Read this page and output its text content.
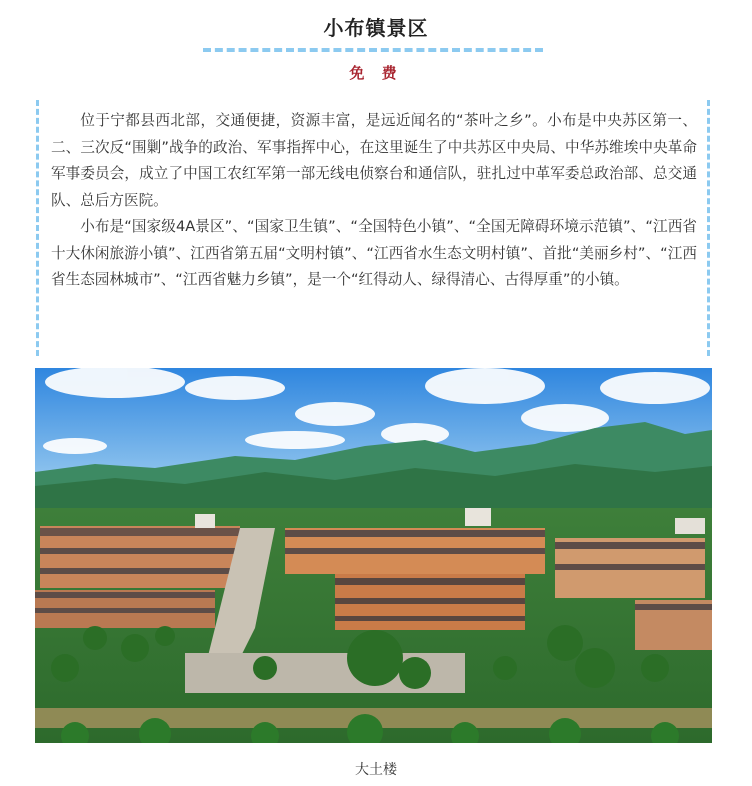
小布镇景区
免 费

位于宁都县西北部，交通便捷，资源丰富，是远近闻名的“茶叶之乡”。小布是中央苏区第一、二、三次反“围剿”战争的政治、军事指挥中心，在这里诞生了中共苏区中央局、中华苏维埃中央革命军事委员会，成立了中国工农红军第一部无线电侦察台和通信队，驻扎过中革军委总政治部、总交通队、总后方医院。

小布是“国家级4A景区”、“国家卫生镇”、“全国特色小镇”、“全国无障碍环境示范镇”、“江西省十大休闲旅游小镇”、江西省第五届“文明村镇”、“江西省水生态文明村镇”、首批“美丽乡村”、“江西省生态园林城市”、“江西省魅力乡镇”，是一个“红得动人、绿得清心、古得厚重”的小镇。

大土楼
